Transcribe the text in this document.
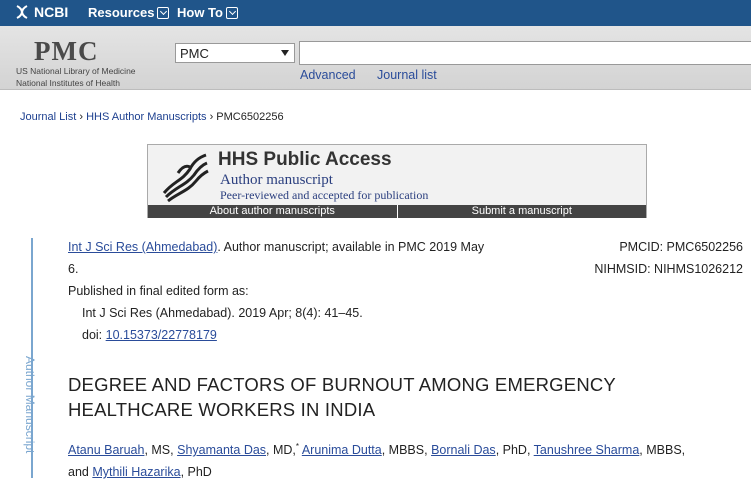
NCBI Resources How To
PMC
US National Library of Medicine
National Institutes of Health
PMC
Advanced Journal list
Journal List › HHS Author Manuscripts › PMC6502256
HHS Public Access
Author manuscript
Peer-reviewed and accepted for publication
About author manuscripts	Submit a manuscript
Author Manuscript
Int J Sci Res (Ahmedabad). Author manuscript; available in PMC 2019 May
6.
Published in final edited form as:
Int J Sci Res (Ahmedabad). 2019 Apr; 8(4): 41–45.
doi: 10.15373/22778179
PMCID: PMC6502256
NIHMSID: NIHMS1026212
DEGREE AND FACTORS OF BURNOUT AMONG EMERGENCY
HEALTHCARE WORKERS IN INDIA
Atanu Baruah, MS, Shyamanta Das, MD,* Arunima Dutta, MBBS, Bornali Das, PhD, Tanushree Sharma, MBBS,
and Mythili Hazarika, PhD
